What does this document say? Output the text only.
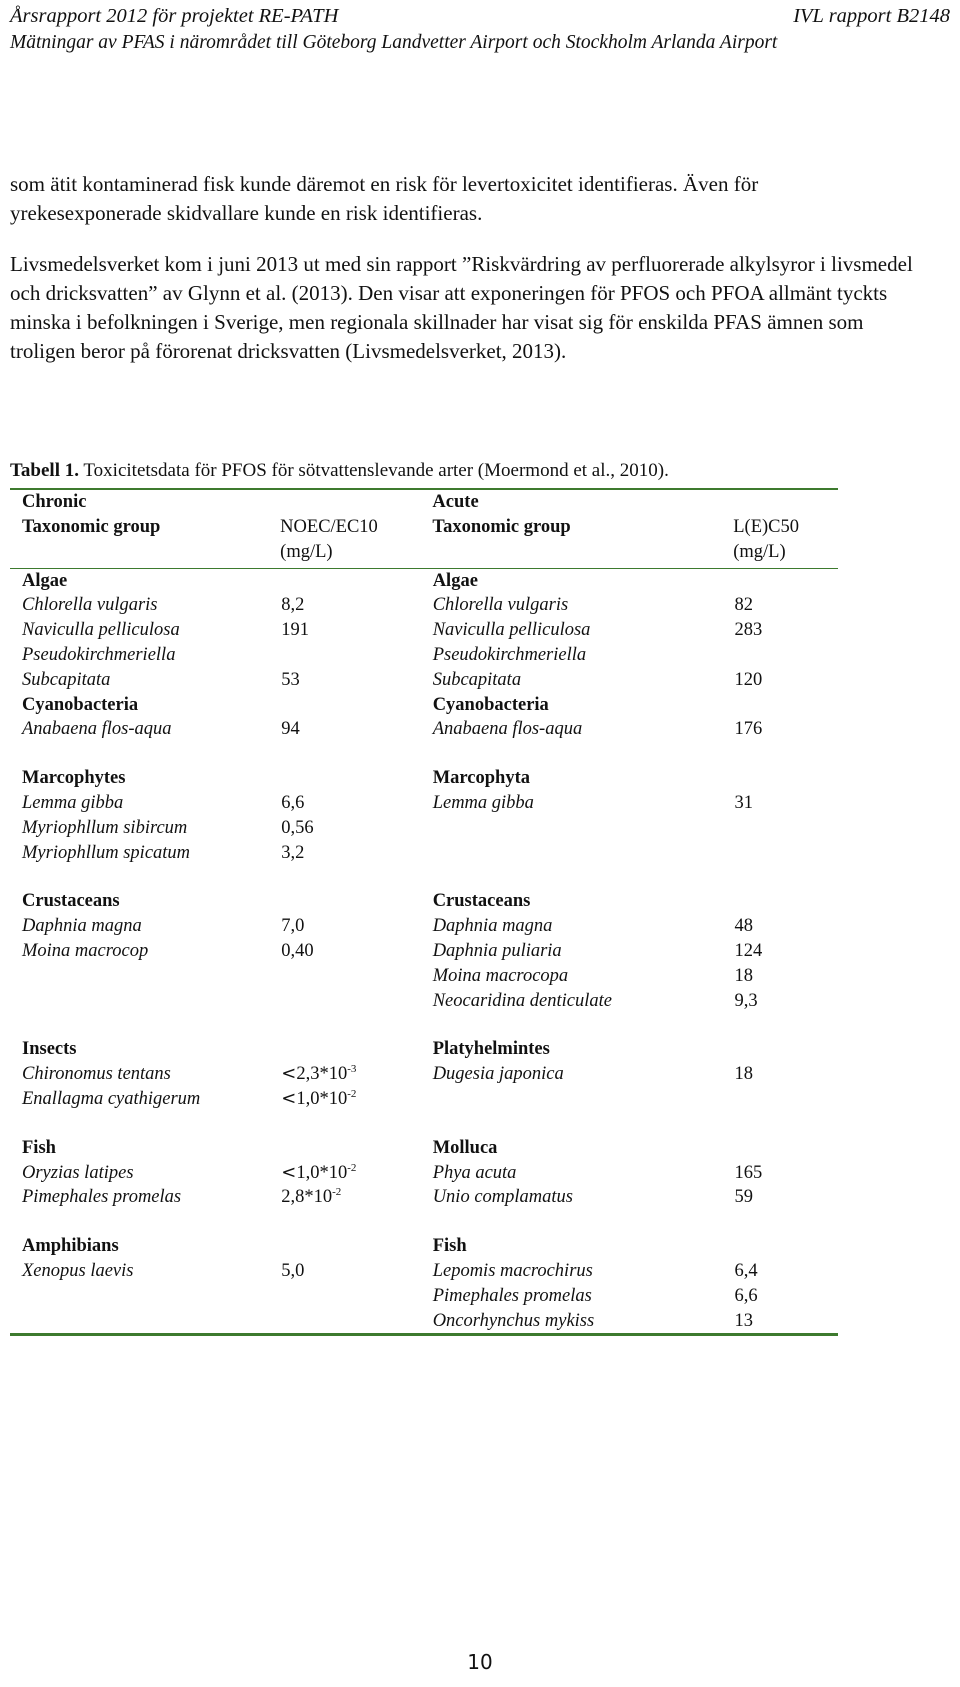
Årsrapport 2012 för projektet RE-PATH	IVL rapport B2148
Mätningar av PFAS i närområdet till Göteborg Landvetter Airport och Stockholm Arlanda Airport

som ätit kontaminerad fisk kunde däremot en risk för levertoxicitet identifieras. Även för yrekesexponerade skidvallare kunde en risk identifieras.

Livsmedelsverket kom i juni 2013 ut med sin rapport ”Riskvärdring av perfluorerade alkylsyror i livsmedel och dricksvatten” av Glynn et al. (2013). Den visar att exponeringen för PFOS och PFOA allmänt tyckts minska i befolkningen i Sverige, men regionala skillnader har visat sig för enskilda PFAS ämnen som troligen beror på förorenat dricksvatten (Livsmedelsverket, 2013).

Tabell 1. Toxicitetsdata för PFOS för sötvattenslevande arter (Moermond et al., 2010).
Chronic		Acute	
Taxonomic group	NOEC/EC10	Taxonomic group	L(E)C50
	(mg/L)		(mg/L)
Algae		Algae	
Chlorella vulgaris	8,2	Chlorella vulgaris	82
Naviculla pelliculosa	191	Naviculla pelliculosa	283
Pseudokirchmeriella		Pseudokirchmeriella	
Subcapitata	53	Subcapitata	120
Cyanobacteria		Cyanobacteria	
Anabaena flos-aqua	94	Anabaena flos-aqua	176

Marcophytes		Marcophyta	
Lemma gibba	6,6	Lemma gibba	31
Myriophllum sibircum	0,56		
Myriophllum spicatum	3,2		

Crustaceans		Crustaceans	
Daphnia magna	7,0	Daphnia magna	48
Moina macrocop	0,40	Daphnia puliaria	124
		Moina macrocopa	18
		Neocaridina denticulate	9,3

Insects		Platyhelmintes	
Chironomus tentans	$<2,3*10^{-3}$	Dugesia japonica	18
Enallagma cyathigerum	$<1,0*10^{-2}$		

Fish		Molluca	
Oryzias latipes	$<1,0*10^{-2}$	Phya acuta	165
Pimephales promelas	$2,8*10^{-2}$	Unio complamatus	59

Amphibians		Fish	
Xenopus laevis	5,0	Lepomis macrochirus	6,4
		Pimephales promelas	6,6
		Oncorhynchus mykiss	13
10
